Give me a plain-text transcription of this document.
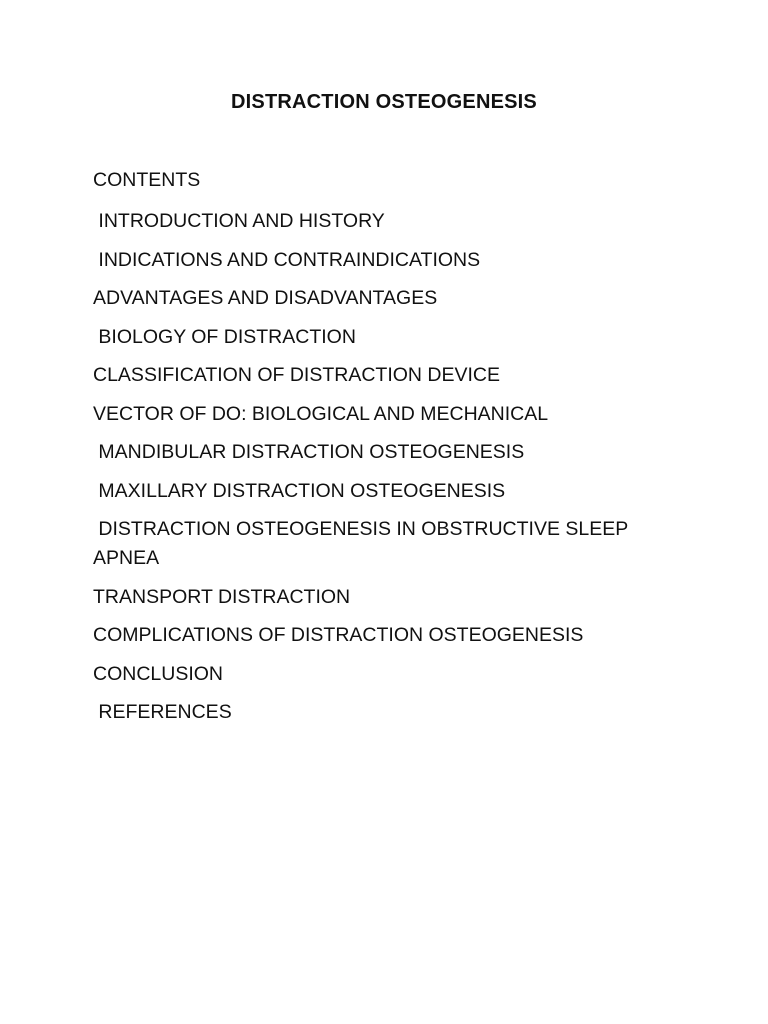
DISTRACTION OSTEOGENESIS
CONTENTS
INTRODUCTION AND HISTORY
INDICATIONS AND CONTRAINDICATIONS
ADVANTAGES AND DISADVANTAGES
BIOLOGY OF DISTRACTION
CLASSIFICATION OF DISTRACTION DEVICE
VECTOR OF DO: BIOLOGICAL AND MECHANICAL
MANDIBULAR DISTRACTION OSTEOGENESIS
MAXILLARY DISTRACTION OSTEOGENESIS
DISTRACTION OSTEOGENESIS IN OBSTRUCTIVE SLEEP APNEA
TRANSPORT DISTRACTION
COMPLICATIONS OF DISTRACTION OSTEOGENESIS
CONCLUSION
REFERENCES
